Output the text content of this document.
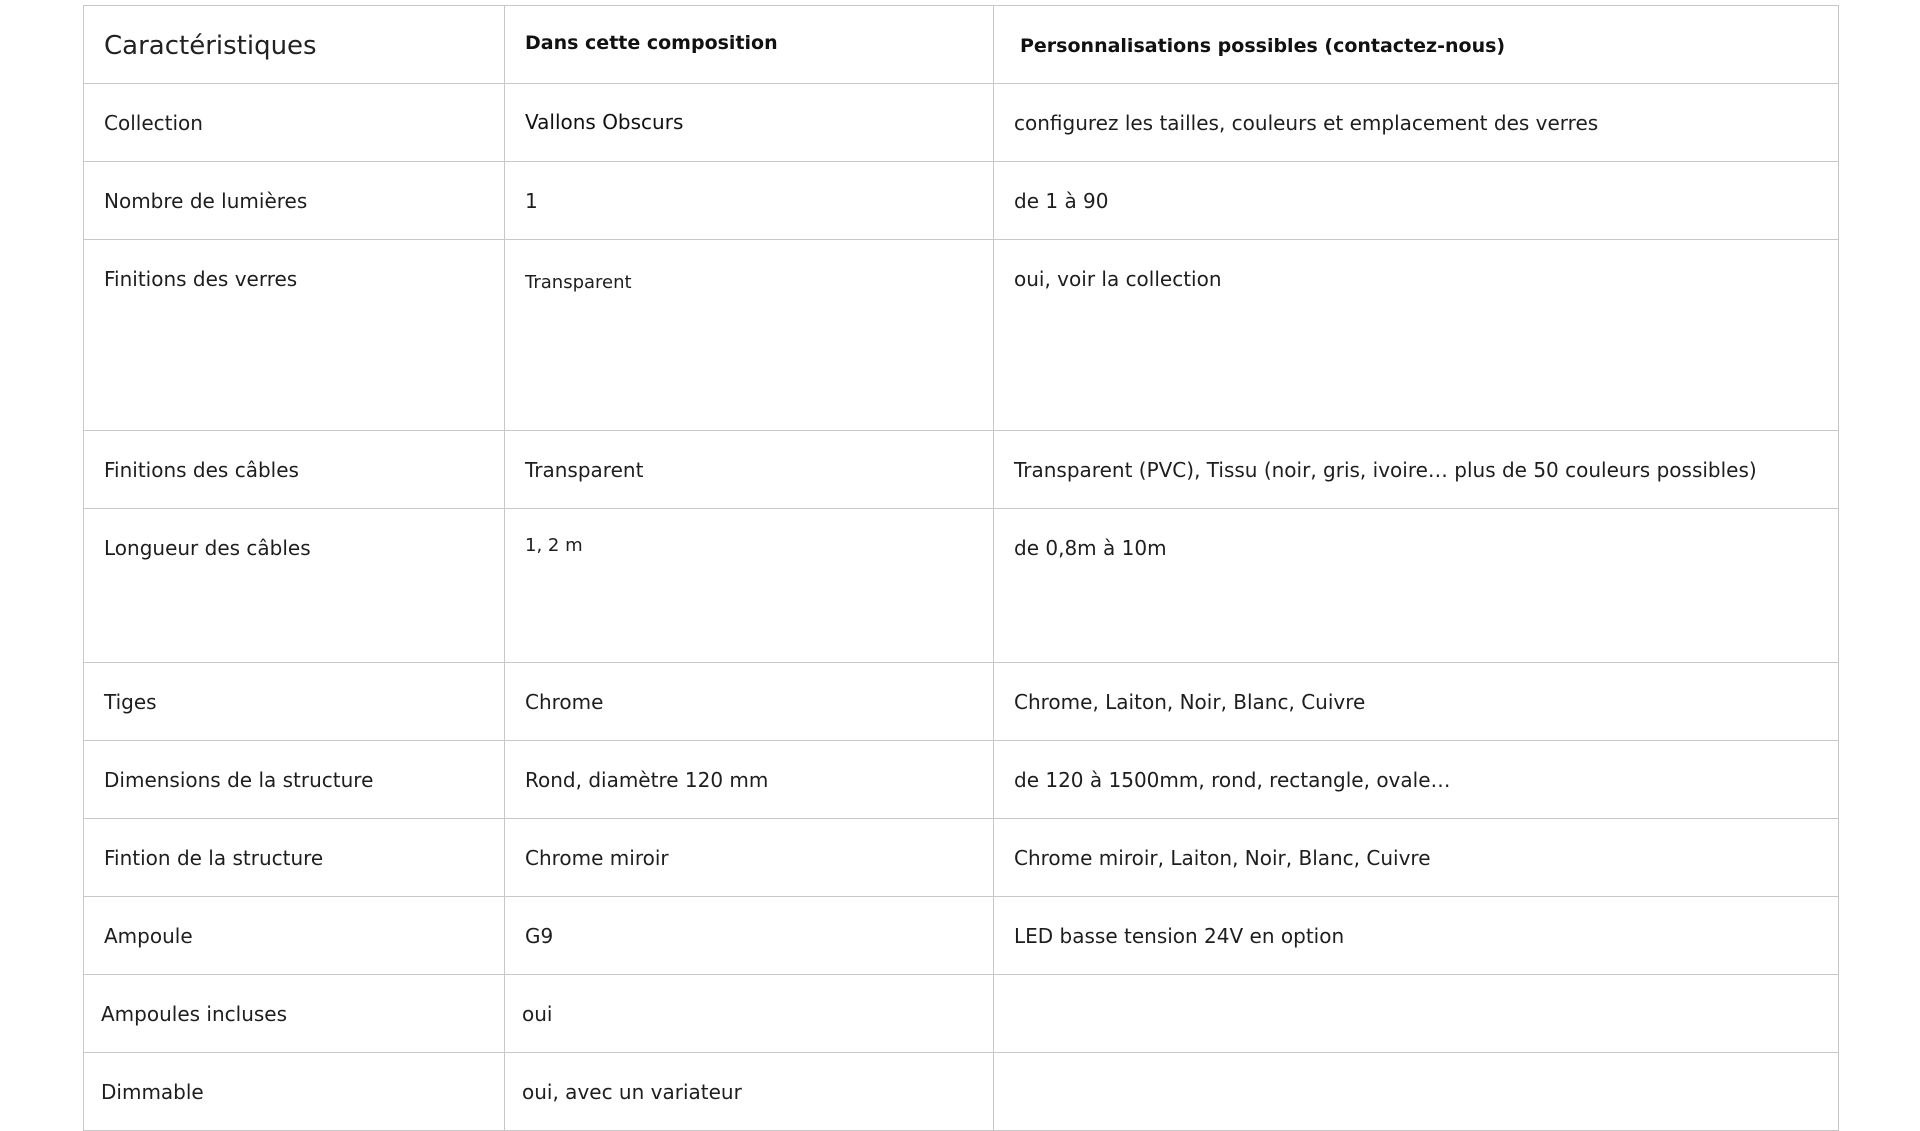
Caractéristiques	Dans cette composition	Personnalisations possibles (contactez-nous)
Collection	Vallons Obscurs	configurez les tailles, couleurs et emplacement des verres
Nombre de lumières	1	de 1 à 90
Finitions des verres	Transparent	oui, voir la collection
Finitions des câbles	Transparent	Transparent (PVC), Tissu (noir, gris, ivoire… plus de 50 couleurs possibles)
Longueur des câbles	1, 2 m	de 0,8m à 10m
Tiges	Chrome	Chrome, Laiton, Noir, Blanc, Cuivre
Dimensions de la structure	Rond, diamètre 120 mm	de 120 à 1500mm, rond, rectangle, ovale…
Fintion de la structure	Chrome miroir	Chrome miroir, Laiton, Noir, Blanc, Cuivre
Ampoule	G9	LED basse tension 24V en option
Ampoules incluses	oui	
Dimmable	oui, avec un variateur	
